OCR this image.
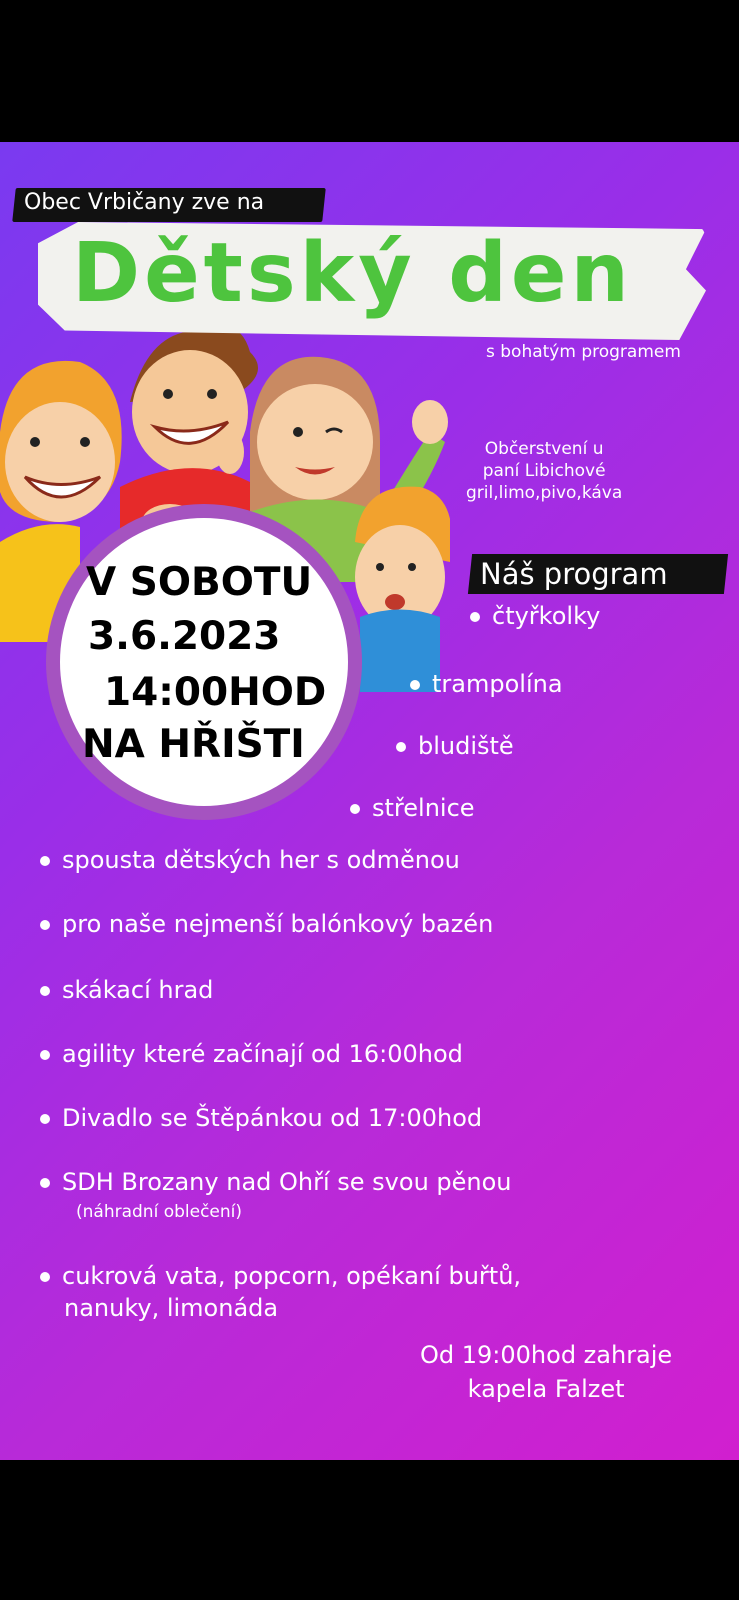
Obec Vrbičany zve na
Dětský den
s bohatým programem
Občerstvení u
paní Libichové
gril,limo,pivo,káva
V SOBOTU
3.6.2023
14:00HOD
NA HŘIŠTI
Náš program
čtyřkolky
trampolína
bludiště
střelnice
spousta dětských her s odměnou
pro naše nejmenší balónkový bazén
skákací hrad
agility které začínají od 16:00hod
Divadlo se Štěpánkou od 17:00hod
SDH Brozany nad Ohří se svou pěnou
(náhradní oblečení)
cukrová vata, popcorn, opékaní buřtů,
nanuky, limonáda
Od 19:00hod zahraje
kapela Falzet
